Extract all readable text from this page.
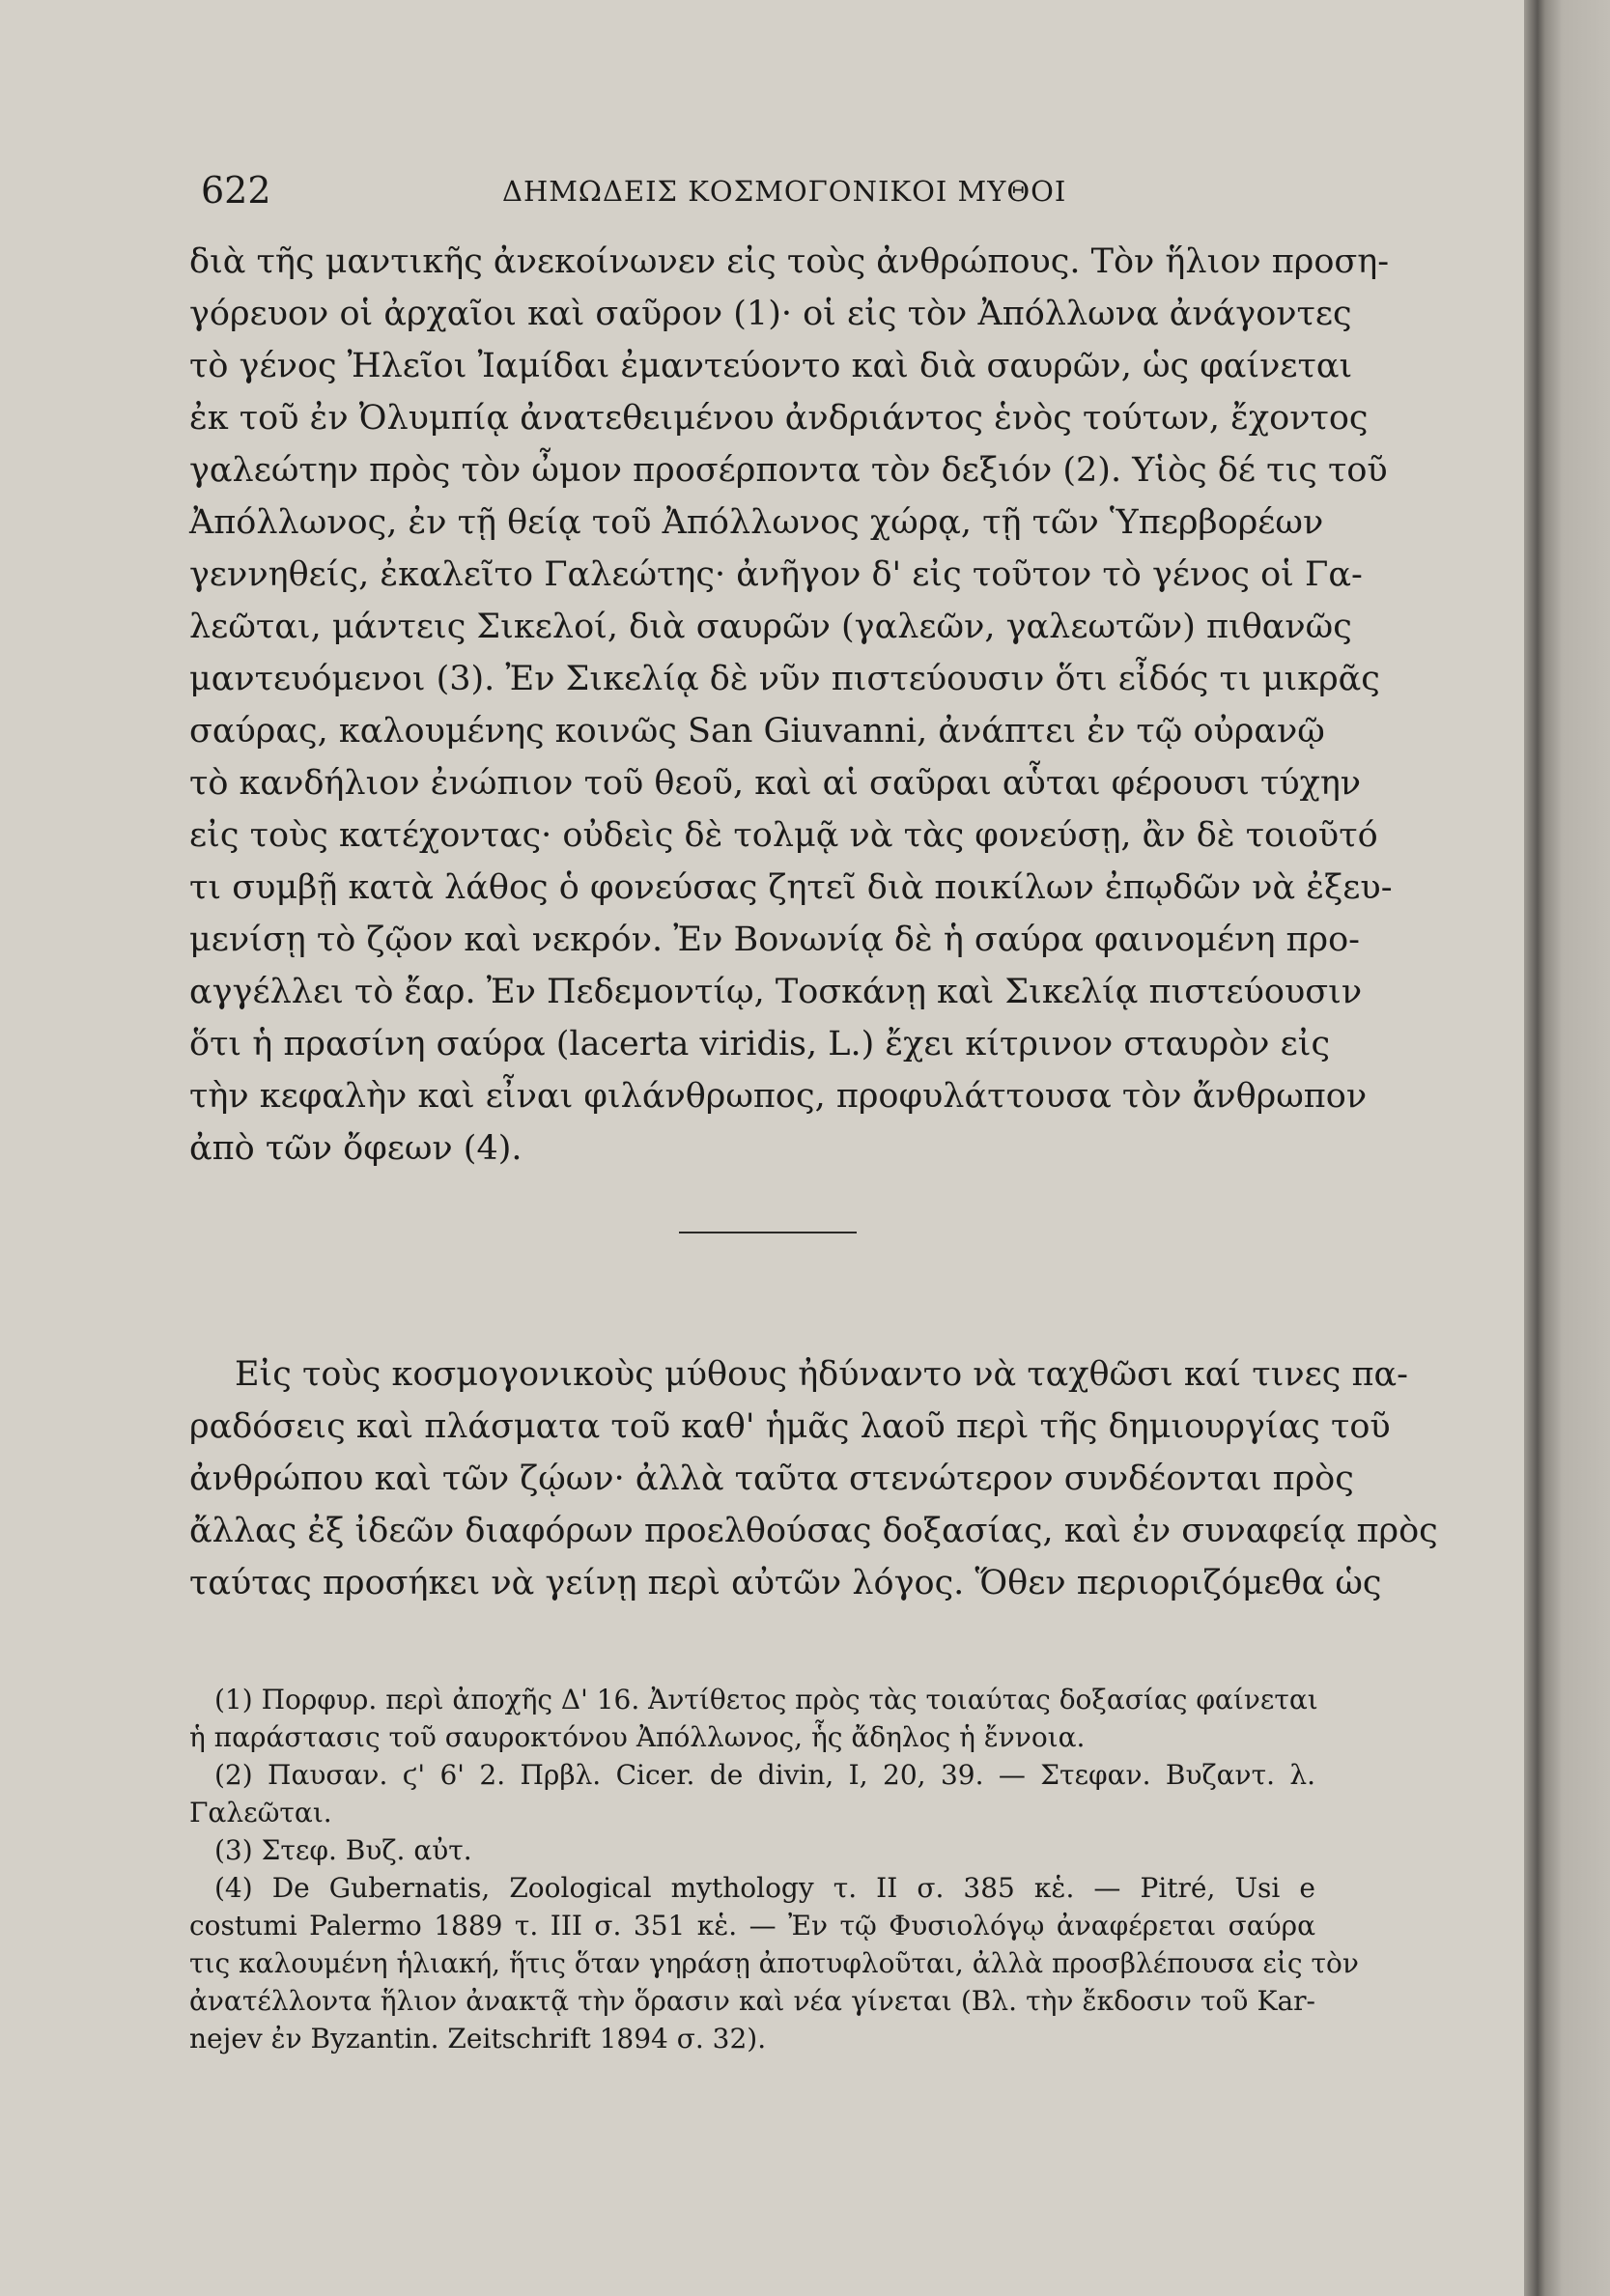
622	ΔΗΜΩΔΕΙΣ ΚΟΣΜΟΓΟΝΙΚΟΙ ΜΥΘΟΙ
διὰ τῆς μαντικῆς ἀνεκοίνωνεν εἰς τοὺς ἀνθρώπους. Τὸν ἥλιον προση-
γόρευον οἱ ἀρχαῖοι καὶ σαῦρον (1)· οἱ εἰς τὸν Ἀπόλλωνα ἀνάγοντες
τὸ γένος Ἠλεῖοι Ἰαμίδαι ἐμαντεύοντο καὶ διὰ σαυρῶν, ὡς φαίνεται
ἐκ τοῦ ἐν Ὀλυμπίᾳ ἀνατεθειμένου ἀνδριάντος ἑνὸς τούτων, ἔχοντος
γαλεώτην πρὸς τὸν ὦμον προσέρποντα τὸν δεξιόν (2). Υἱὸς δέ τις τοῦ
Ἀπόλλωνος, ἐν τῇ θείᾳ τοῦ Ἀπόλλωνος χώρᾳ, τῇ τῶν Ὑπερβορέων
γεννηθείς, ἐκαλεῖτο Γαλεώτης· ἀνῆγον δ' εἰς τοῦτον τὸ γένος οἱ Γα-
λεῶται, μάντεις Σικελοί, διὰ σαυρῶν (γαλεῶν, γαλεωτῶν) πιθανῶς
μαντευόμενοι (3). Ἐν Σικελίᾳ δὲ νῦν πιστεύουσιν ὅτι εἶδός τι μικρᾶς
σαύρας, καλουμένης κοινῶς San Giuvanni, ἀνάπτει ἐν τῷ οὐρανῷ
τὸ κανδήλιον ἐνώπιον τοῦ θεοῦ, καὶ αἱ σαῦραι αὗται φέρουσι τύχην
εἰς τοὺς κατέχοντας· οὐδεὶς δὲ τολμᾷ νὰ τὰς φονεύσῃ, ἂν δὲ τοιοῦτό
τι συμβῇ κατὰ λάθος ὁ φονεύσας ζητεῖ διὰ ποικίλων ἐπῳδῶν νὰ ἐξευ-
μενίσῃ τὸ ζῷον καὶ νεκρόν. Ἐν Βονωνίᾳ δὲ ἡ σαύρα φαινομένη προ-
αγγέλλει τὸ ἔαρ. Ἐν Πεδεμοντίῳ, Τοσκάνῃ καὶ Σικελίᾳ πιστεύουσιν
ὅτι ἡ πρασίνη σαύρα (lacerta viridis, L.) ἔχει κίτρινον σταυρὸν εἰς
τὴν κεφαλὴν καὶ εἶναι φιλάνθρωπος, προφυλάττουσα τὸν ἄνθρωπον
ἀπὸ τῶν ὄφεων (4).
Εἰς τοὺς κοσμογονικοὺς μύθους ἠδύναντο νὰ ταχθῶσι καί τινες πα-
ραδόσεις καὶ πλάσματα τοῦ καθ' ἡμᾶς λαοῦ περὶ τῆς δημιουργίας τοῦ
ἀνθρώπου καὶ τῶν ζῴων· ἀλλὰ ταῦτα στενώτερον συνδέονται πρὸς
ἄλλας ἐξ ἰδεῶν διαφόρων προελθούσας δοξασίας, καὶ ἐν συναφείᾳ πρὸς
ταύτας προσήκει νὰ γείνῃ περὶ αὐτῶν λόγος. Ὅθεν περιοριζόμεθα ὡς
(1) Πορφυρ. περὶ ἀποχῆς Δ' 16. Ἀντίθετος πρὸς τὰς τοιαύτας δοξασίας φαίνεται
ἡ παράστασις τοῦ σαυροκτόνου Ἀπόλλωνος, ἧς ἄδηλος ἡ ἔννοια.
(2) Παυσαν. ϛ' 6' 2. Πρβλ. Cicer. de divin, I, 20, 39. — Στεφαν. Βυζαντ. λ.
Γαλεῶται.
(3) Στεφ. Βυζ. αὐτ.
(4) De Gubernatis, Zoological mythology τ. II σ. 385 κἑ. — Pitré, Usi e
costumi Palermo 1889 τ. III σ. 351 κἑ. — Ἐν τῷ Φυσιολόγῳ ἀναφέρεται σαύρα
τις καλουμένη ἡλιακή, ἥτις ὅταν γηράσῃ ἀποτυφλοῦται, ἀλλὰ προσβλέπουσα εἰς τὸν
ἀνατέλλοντα ἥλιον ἀνακτᾷ τὴν ὅρασιν καὶ νέα γίνεται (Βλ. τὴν ἔκδοσιν τοῦ Kar-
nejev ἐν Byzantin. Zeitschrift 1894 σ. 32).
